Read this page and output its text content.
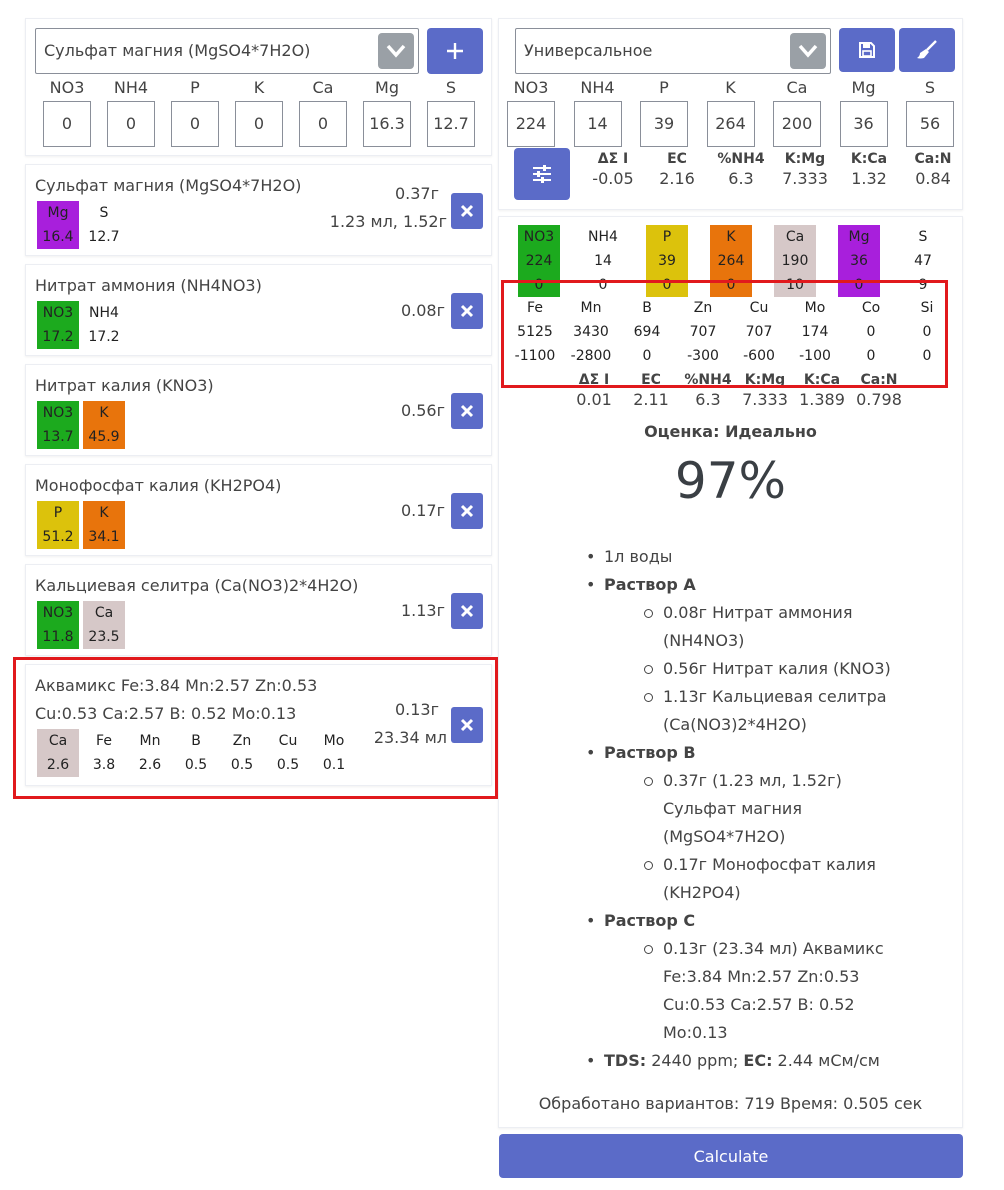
Сульфат магния (MgSO4*7H2O)
NO3
0
NH4
0
P
0
K
0
Ca
0
Mg
16.3
S
12.7
Сульфат магния (MgSO4*7H2O)	0.37г
1.23 мл, 1.52г
Mg
16.4
S
12.7
Нитрат аммония (NH4NO3)
0.08г
NO3
17.2
NH4
17.2
Нитрат калия (KNO3)
0.56г
NO3
13.7
K
45.9
Монофосфат калия (KH2PO4)
0.17г
P
51.2
K
34.1
Кальциевая селитра (Ca(NO3)2*4H2O)
1.13г
NO3
11.8
Ca
23.5
Аквамикс Fe:3.84 Mn:2.57 Zn:0.53
Cu:0.53 Ca:2.57 B: 0.52 Mo:0.13	0.13г
23.34 мл
Ca
2.6
Fe
3.8
Mn
2.6
B
0.5
Zn
0.5
Cu
0.5
Mo
0.1
Универсальное
NO3
224
NH4
14
P
39
K
264
Ca
200
Mg
36
S
56
ΔΣ I
-0.05
EC
2.16
%NH4
6.3
K:Mg
7.333
K:Ca
1.32
Ca:N
0.84
NO3
224
0
NH4
14
0
P
39
0
K
264
0
Ca
190
10
Mg
36
0
S
47
9
Fe
5125
-1100
Mn
3430
-2800
B
694
0
Zn
707
-300
Cu
707
-600
Mo
174
-100
Co
0
0
Si
0
0
ΔΣ I
0.01
EC
2.11
%NH4
6.3
K:Mg
7.333
K:Ca
1.389
Ca:N
0.798
Оценка: Идеально
97%
• 1л воды
• Раствор A
0.08г Нитрат аммония (NH4NO3)
0.56г Нитрат калия (KNO3)
1.13г Кальциевая селитра (Ca(NO3)2*4H2O)
• Раствор B
0.37г (1.23 мл, 1.52г) Сульфат магния (MgSO4*7H2O)
0.17г Монофосфат калия (KH2PO4)
• Раствор C
0.13г (23.34 мл) Аквамикс Fe:3.84 Mn:2.57 Zn:0.53 Cu:0.53 Ca:2.57 B: 0.52 Mo:0.13
• TDS: 2440 ppm; EC: 2.44 мСм/см
Обработано вариантов: 719 Время: 0.505 сек
Calculate
